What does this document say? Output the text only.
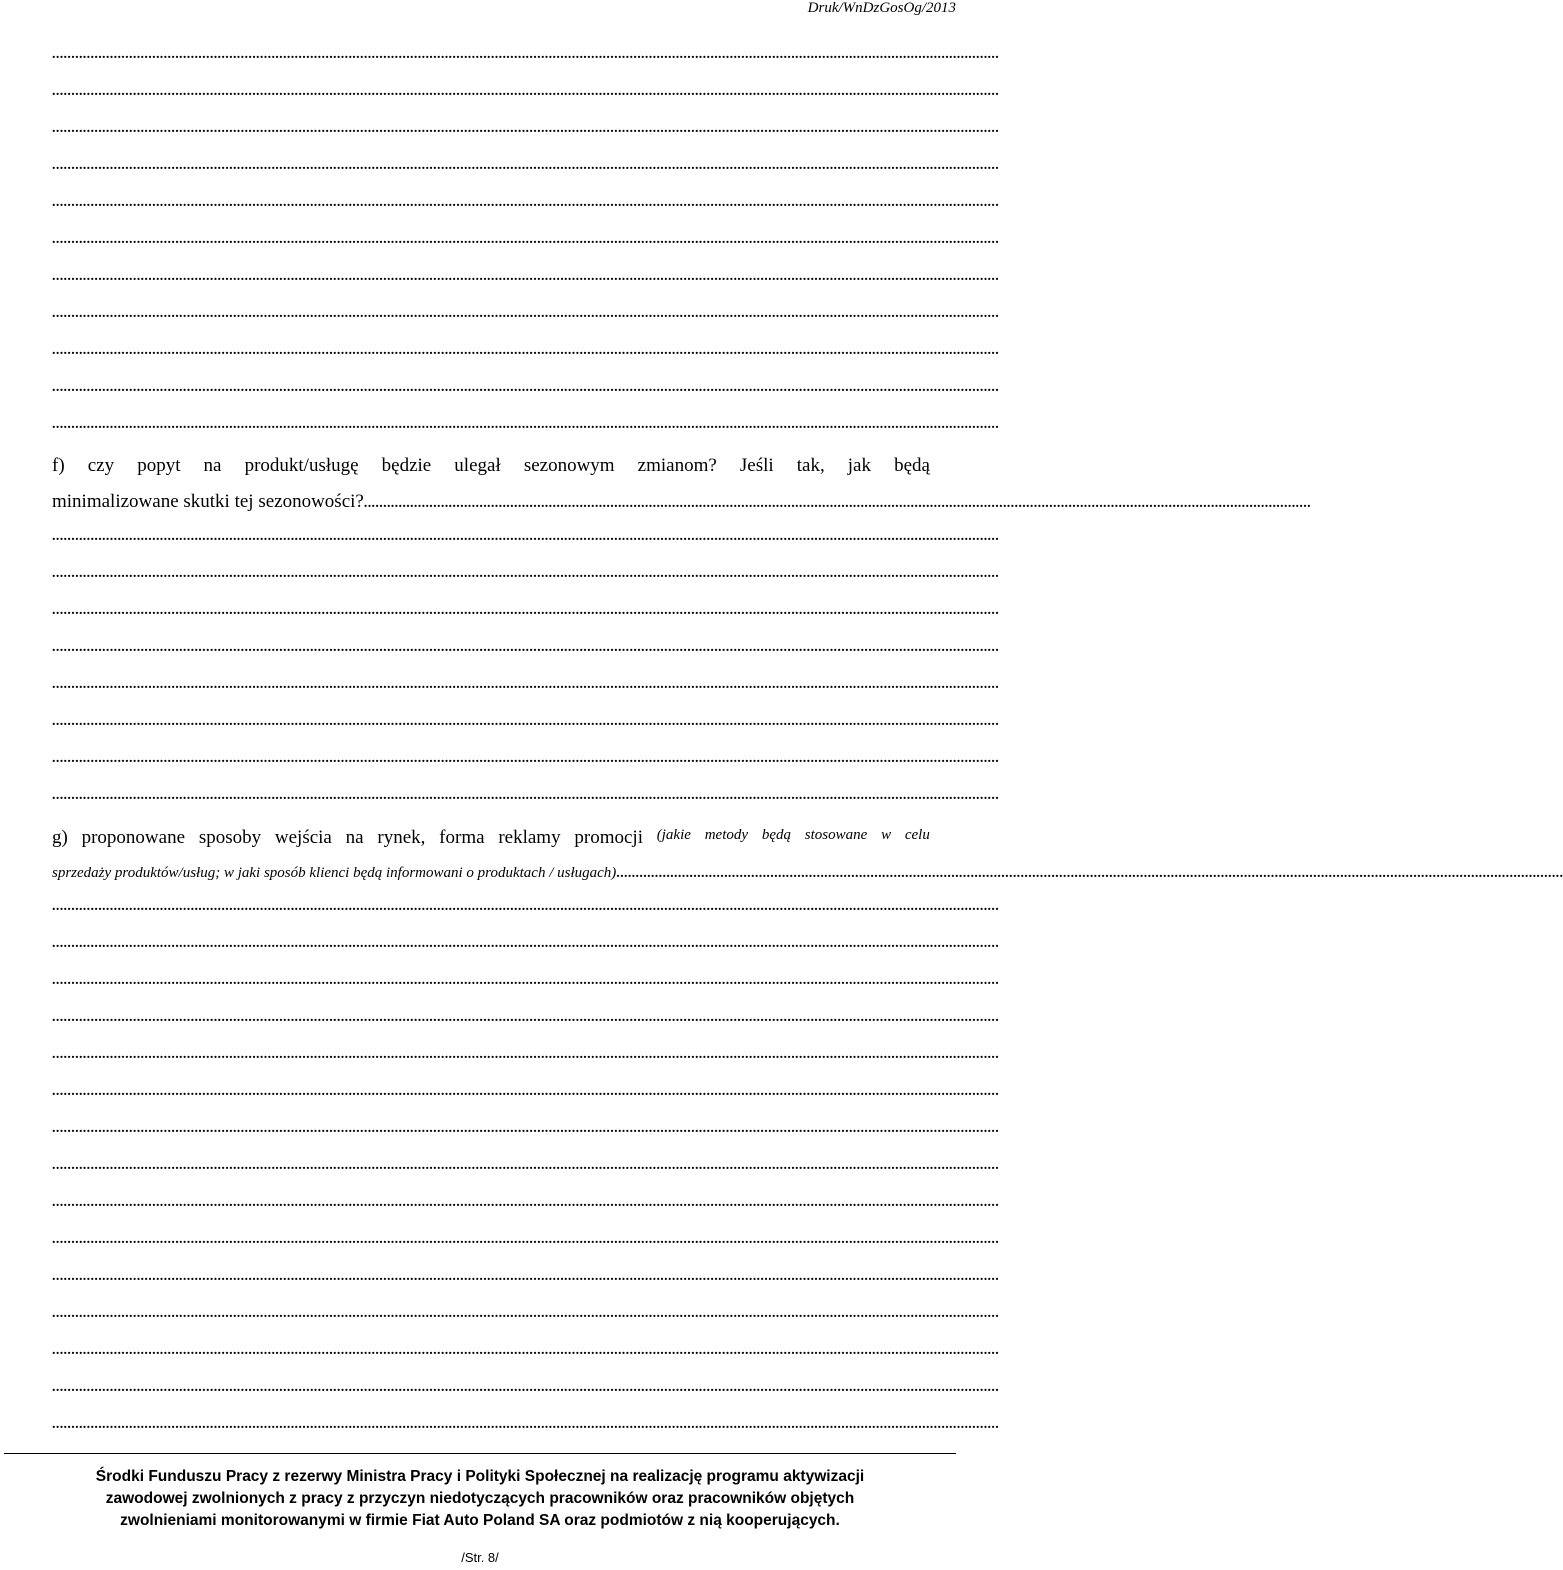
Druk/WnDzGosOg/2013
......................................................................................................................................................................................................................................................
......................................................................................................................................................................................................................................................
......................................................................................................................................................................................................................................................
......................................................................................................................................................................................................................................................
......................................................................................................................................................................................................................................................
......................................................................................................................................................................................................................................................
......................................................................................................................................................................................................................................................
......................................................................................................................................................................................................................................................
......................................................................................................................................................................................................................................................
......................................................................................................................................................................................................................................................
......................................................................................................................................................................................................................................................
......................................................................................................................................................................................................................................................
......................................................................................................................................................................................................................................................
......................................................................................................................................................................................................................................................
......................................................................................................................................................................................................................................................
......................................................................................................................................................................................................................................................
......................................................................................................................................................................................................................................................
......................................................................................................................................................................................................................................................
......................................................................................................................................................................................................................................................
......................................................................................................................................................................................................................................................
......................................................................................................................................................................................................................................................
......................................................................................................................................................................................................................................................
......................................................................................................................................................................................................................................................
......................................................................................................................................................................................................................................................
......................................................................................................................................................................................................................................................
......................................................................................................................................................................................................................................................
......................................................................................................................................................................................................................................................
......................................................................................................................................................................................................................................................
......................................................................................................................................................................................................................................................
......................................................................................................................................................................................................................................................
......................................................................................................................................................................................................................................................
......................................................................................................................................................................................................................................................
......................................................................................................................................................................................................................................................
......................................................................................................................................................................................................................................................
f) czy popyt na produkt/usługę będzie ulegał sezonowym zmianom? Jeśli tak, jak będą
minimalizowane skutki tej sezonowości?......................................................................................................................................................................................................................................................
g) proponowane sposoby wejścia na rynek, forma reklamy promocji (jakie metody będą stosowane w celu
sprzedaży produktów/usług; w jaki sposób klienci będą informowani o produktach / usługach)......................................................................................................................................................................................................................................................
Środki Funduszu Pracy z rezerwy Ministra Pracy i Polityki Społecznej na realizację programu aktywizacji
zawodowej zwolnionych z pracy z przyczyn niedotyczących pracowników oraz pracowników objętych
zwolnieniami monitorowanymi w firmie Fiat Auto Poland SA oraz podmiotów z nią kooperujących.
/Str. 8/
